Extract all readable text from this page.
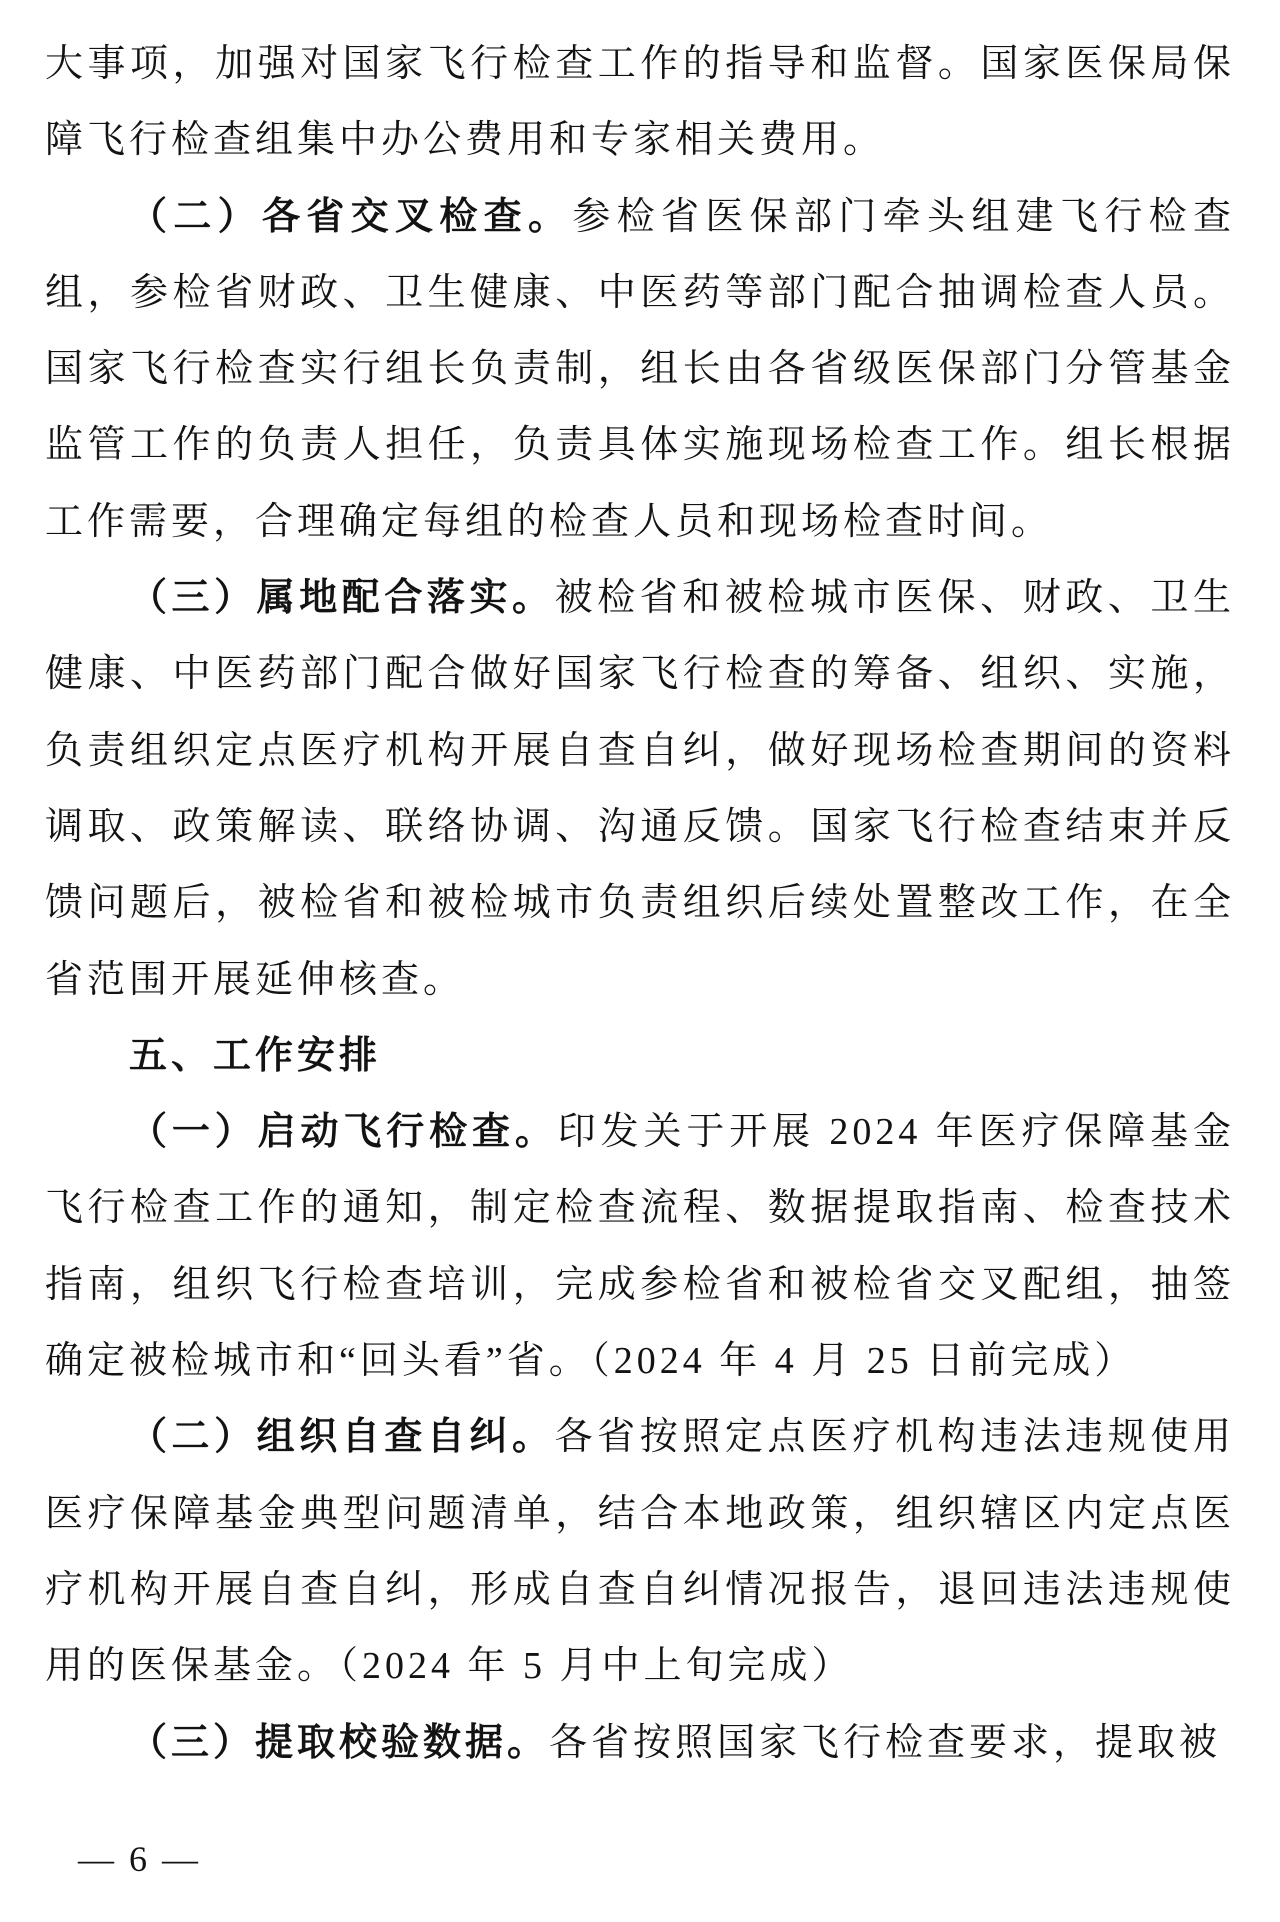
大事项，加强对国家飞行检查工作的指导和监督。国家医保局保障飞行检查组集中办公费用和专家相关费用。

（二）各省交叉检查。参检省医保部门牵头组建飞行检查组，参检省财政、卫生健康、中医药等部门配合抽调检查人员。国家飞行检查实行组长负责制，组长由各省级医保部门分管基金监管工作的负责人担任，负责具体实施现场检查工作。组长根据工作需要，合理确定每组的检查人员和现场检查时间。

（三）属地配合落实。被检省和被检城市医保、财政、卫生健康、中医药部门配合做好国家飞行检查的筹备、组织、实施，负责组织定点医疗机构开展自查自纠，做好现场检查期间的资料调取、政策解读、联络协调、沟通反馈。国家飞行检查结束并反馈问题后，被检省和被检城市负责组织后续处置整改工作，在全省范围开展延伸核查。

五、工作安排

（一）启动飞行检查。印发关于开展 2024 年医疗保障基金飞行检查工作的通知，制定检查流程、数据提取指南、检查技术指南，组织飞行检查培训，完成参检省和被检省交叉配组，抽签确定被检城市和“回头看”省。（2024 年 4 月 25 日前完成）

（二）组织自查自纠。各省按照定点医疗机构违法违规使用医疗保障基金典型问题清单，结合本地政策，组织辖区内定点医疗机构开展自查自纠，形成自查自纠情况报告，退回违法违规使用的医保基金。（2024 年 5 月中上旬完成）

（三）提取校验数据。各省按照国家飞行检查要求，提取被

— 6 —
